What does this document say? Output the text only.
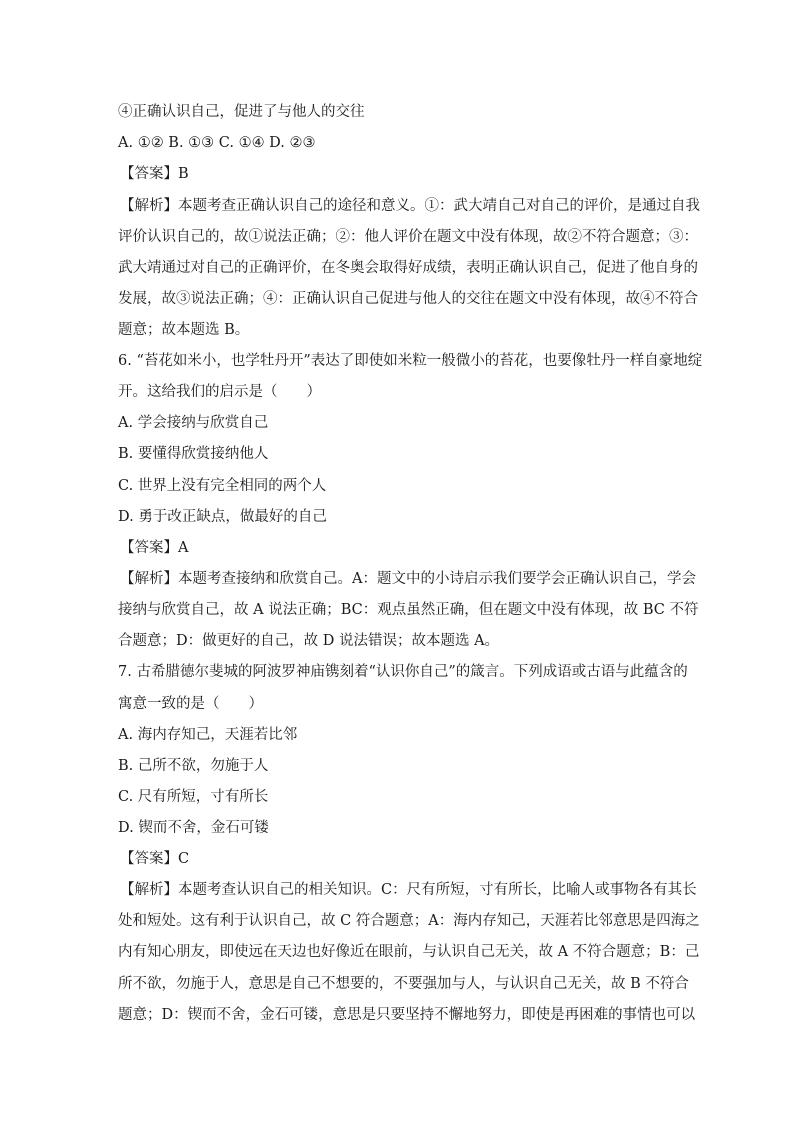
④正确认识自己，促进了与他人的交往
A. ①② B. ①③ C. ①④ D. ②③
【答案】B
【解析】本题考查正确认识自己的途径和意义。①：武大靖自己对自己的评价，是通过自我
评价认识自己的，故①说法正确；②：他人评价在题文中没有体现，故②不符合题意；③：
武大靖通过对自己的正确评价，在冬奥会取得好成绩，表明正确认识自己，促进了他自身的
发展，故③说法正确；④：正确认识自己促进与他人的交往在题文中没有体现，故④不符合
题意；故本题选 B。
6. “苔花如米小，也学牡丹开”表达了即使如米粒一般微小的苔花，也要像牡丹一样自豪地绽
开。这给我们的启示是（　　）
A. 学会接纳与欣赏自己
B. 要懂得欣赏接纳他人
C. 世界上没有完全相同的两个人
D. 勇于改正缺点，做最好的自己
【答案】A
【解析】本题考查接纳和欣赏自己。A：题文中的小诗启示我们要学会正确认识自己，学会
接纳与欣赏自己，故 A 说法正确；BC：观点虽然正确，但在题文中没有体现，故 BC 不符
合题意；D：做更好的自己，故 D 说法错误；故本题选 A。
7. 古希腊德尔斐城的阿波罗神庙镌刻着“认识你自己”的箴言。下列成语或古语与此蕴含的
寓意一致的是（　　）
A. 海内存知己，天涯若比邻
B. 己所不欲，勿施于人
C. 尺有所短，寸有所长
D. 锲而不舍，金石可镂
【答案】C
【解析】本题考查认识自己的相关知识。C：尺有所短，寸有所长，比喻人或事物各有其长
处和短处。这有利于认识自己，故 C 符合题意；A：海内存知己，天涯若比邻意思是四海之
内有知心朋友，即使远在天边也好像近在眼前，与认识自己无关，故 A 不符合题意；B：己
所不欲，勿施于人，意思是自己不想要的，不要强加与人，与认识自己无关，故 B 不符合
题意；D：锲而不舍，金石可镂，意思是只要坚持不懈地努力，即使是再困难的事情也可以
